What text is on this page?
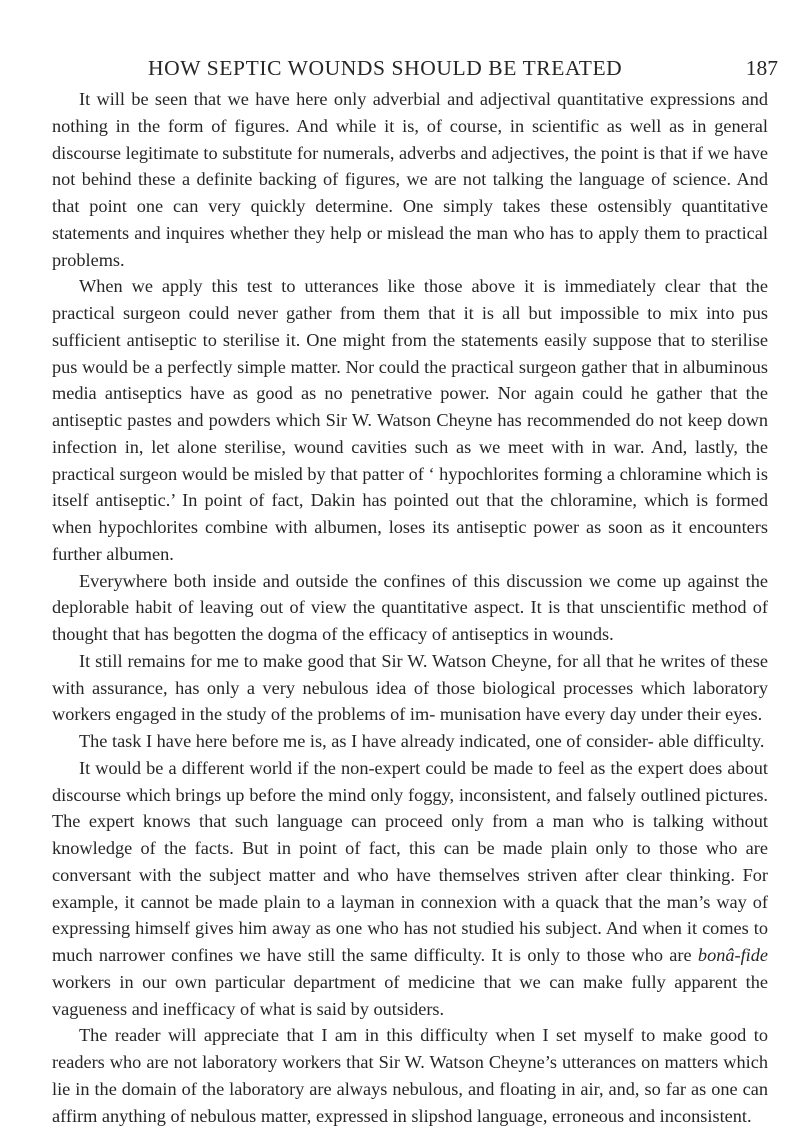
HOW SEPTIC WOUNDS SHOULD BE TREATED	187

It will be seen that we have here only adverbial and adjectival quantitative expressions and nothing in the form of figures. And while it is, of course, in scientific as well as in general discourse legitimate to substitute for numerals, adverbs and adjectives, the point is that if we have not behind these a definite backing of figures, we are not talking the language of science. And that point one can very quickly determine. One simply takes these ostensibly quantitative statements and inquires whether they help or mislead the man who has to apply them to practical problems.

When we apply this test to utterances like those above it is immediately clear that the practical surgeon could never gather from them that it is all but impossible to mix into pus sufficient antiseptic to sterilise it. One might from the statements easily suppose that to sterilise pus would be a perfectly simple matter. Nor could the practical surgeon gather that in albuminous media antiseptics have as good as no penetrative power. Nor again could he gather that the antiseptic pastes and powders which Sir W. Watson Cheyne has recommended do not keep down infection in, let alone sterilise, wound cavities such as we meet with in war. And, lastly, the practical surgeon would be misled by that patter of ‘ hypochlorites forming a chloramine which is itself antiseptic.’ In point of fact, Dakin has pointed out that the chloramine, which is formed when hypochlorites combine with albumen, loses its antiseptic power as soon as it encounters further albumen.

Everywhere both inside and outside the confines of this discussion we come up against the deplorable habit of leaving out of view the quantitative aspect. It is that unscientific method of thought that has begotten the dogma of the efficacy of antiseptics in wounds.

It still remains for me to make good that Sir W. Watson Cheyne, for all that he writes of these with assurance, has only a very nebulous idea of those biological processes which laboratory workers engaged in the study of the problems of im- munisation have every day under their eyes.

The task I have here before me is, as I have already indicated, one of consider- able difficulty.

It would be a different world if the non-expert could be made to feel as the expert does about discourse which brings up before the mind only foggy, inconsistent, and falsely outlined pictures. The expert knows that such language can proceed only from a man who is talking without knowledge of the facts. But in point of fact, this can be made plain only to those who are conversant with the subject matter and who have themselves striven after clear thinking. For example, it cannot be made plain to a layman in connexion with a quack that the man’s way of expressing himself gives him away as one who has not studied his subject. And when it comes to much narrower confines we have still the same difficulty. It is only to those who are bonâ-fide workers in our own particular department of medicine that we can make fully apparent the vagueness and inefficacy of what is said by outsiders.

The reader will appreciate that I am in this difficulty when I set myself to make good to readers who are not laboratory workers that Sir W. Watson Cheyne’s utterances on matters which lie in the domain of the laboratory are always nebulous, and floating in air, and, so far as one can affirm anything of nebulous matter, expressed in slipshod language, erroneous and inconsistent.
